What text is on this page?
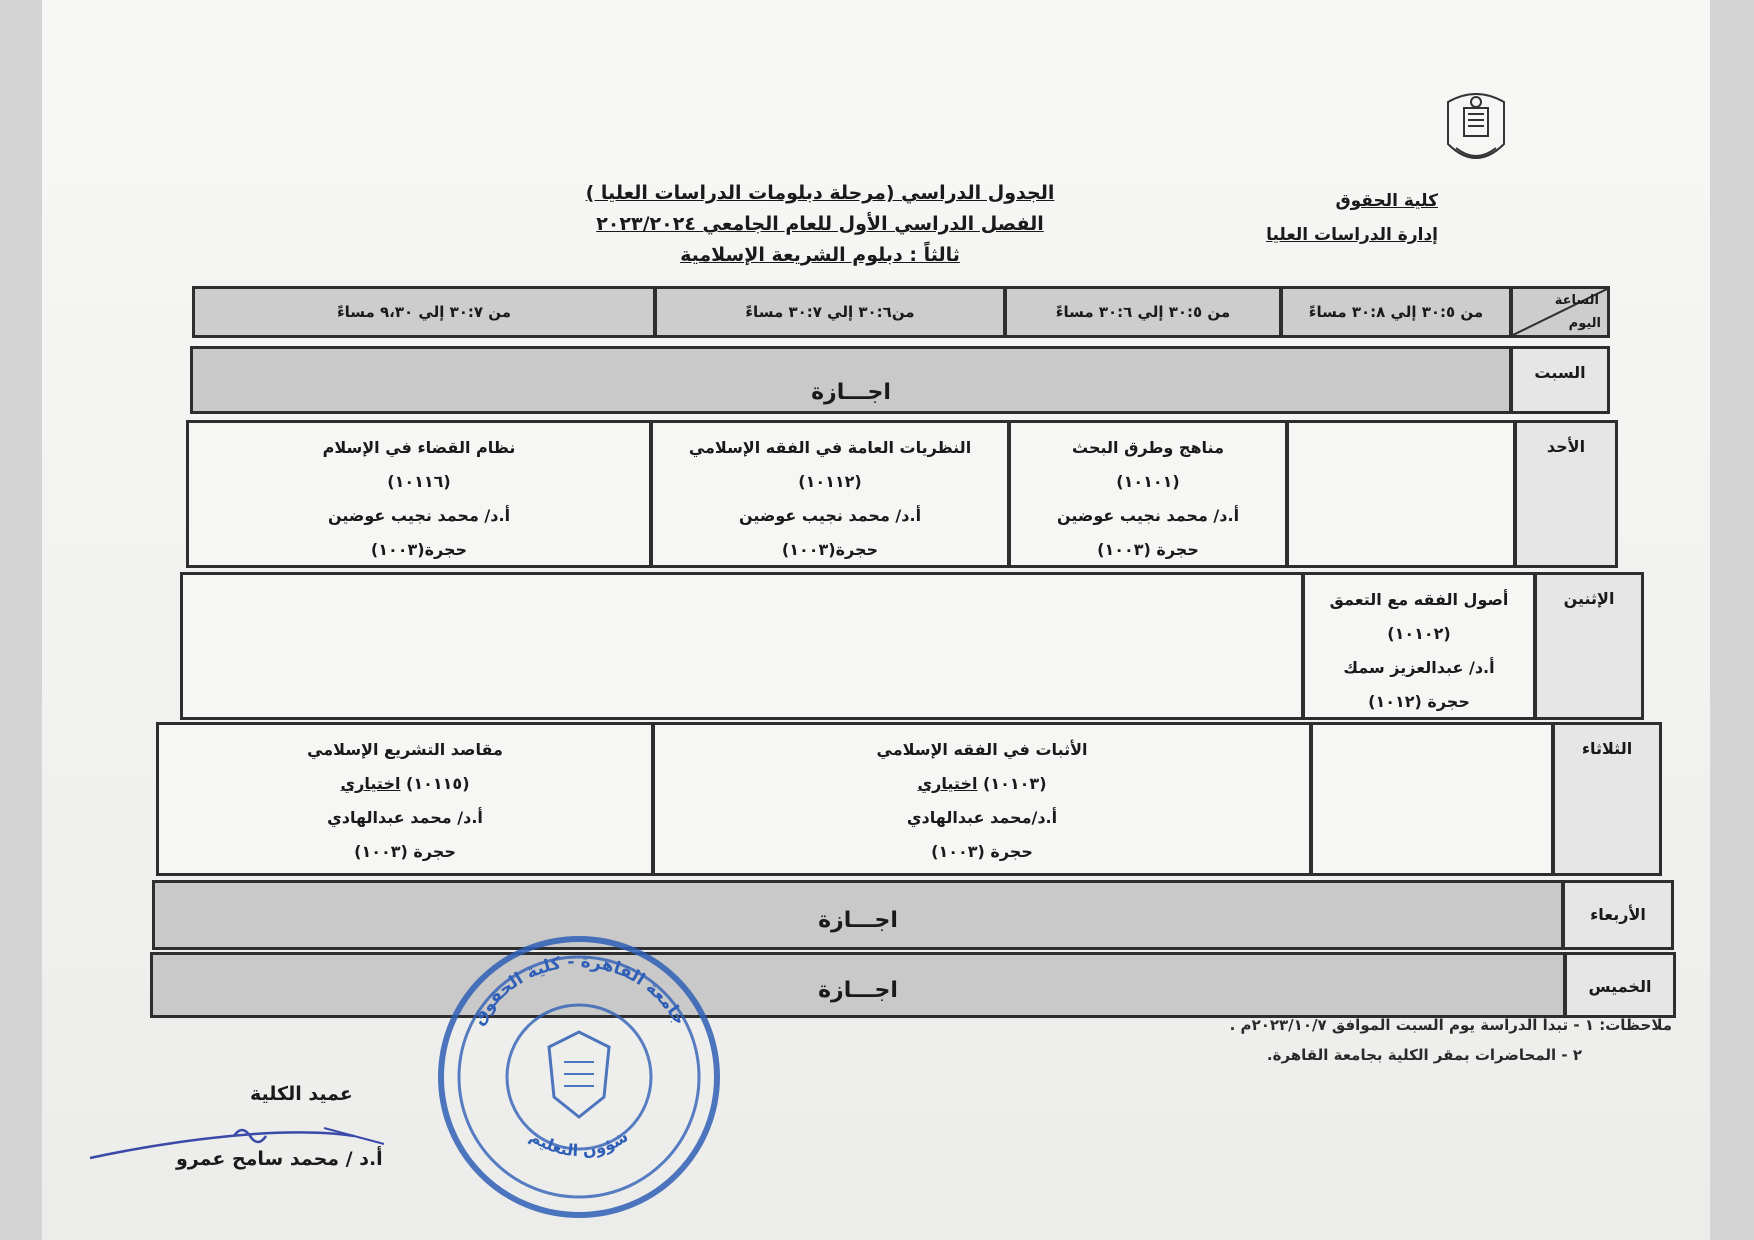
كلية الحقوق
إدارة الدراسات العليا
الجدول الدراسي (مرحلة دبلومات الدراسات العليا )
الفصل الدراسي الأول للعام الجامعي ٢٠٢٣/٢٠٢٤
ثالثاً : دبلوم الشريعة الإسلامية
الساعة
اليوم
من ٣٠:٥ إلي ٣٠:٨ مساءً
من ٣٠:٥ إلي ٣٠:٦ مساءً
من٣٠:٦ إلي ٣٠:٧ مساءً
من ٣٠:٧ إلي ٩،٣٠ مساءً
السبت
اجـــازة
الأحد
مناهج وطرق البحث
(١٠١٠١)
أ.د/ محمد نجيب عوضين
حجرة (١٠٠٣)
النظريات العامة في الفقه الإسلامي
(١٠١١٢)
أ.د/ محمد نجيب عوضين
حجرة(١٠٠٣)
نظام القضاء في الإسلام
(١٠١١٦)
أ.د/ محمد نجيب عوضين
حجرة(١٠٠٣)
الإثنين
أصول الفقه مع التعمق
(١٠١٠٢)
أ.د/ عبدالعزيز سمك
حجرة (١٠١٢)
الثلاثاء
الأثبات في الفقه الإسلامي
(١٠١٠٣) اختياري
أ.د/محمد عبدالهادي
حجرة (١٠٠٣)
مقاصد التشريع الإسلامي
(١٠١١٥) اختياري
أ.د/ محمد عبدالهادي
حجرة (١٠٠٣)
الأربعاء
اجـــازة
الخميس
اجـــازة
ملاحظات: ١ - تبدأ الدراسة يوم السبت الموافق ٢٠٢٣/١٠/٧م .
٢ - المحاضرات بمقر الكلية بجامعة القاهرة.
عميد الكلية
أ.د / محمد سامح عمرو
جامعة القاهرة - كلية الحقوق
شؤون التعليم
